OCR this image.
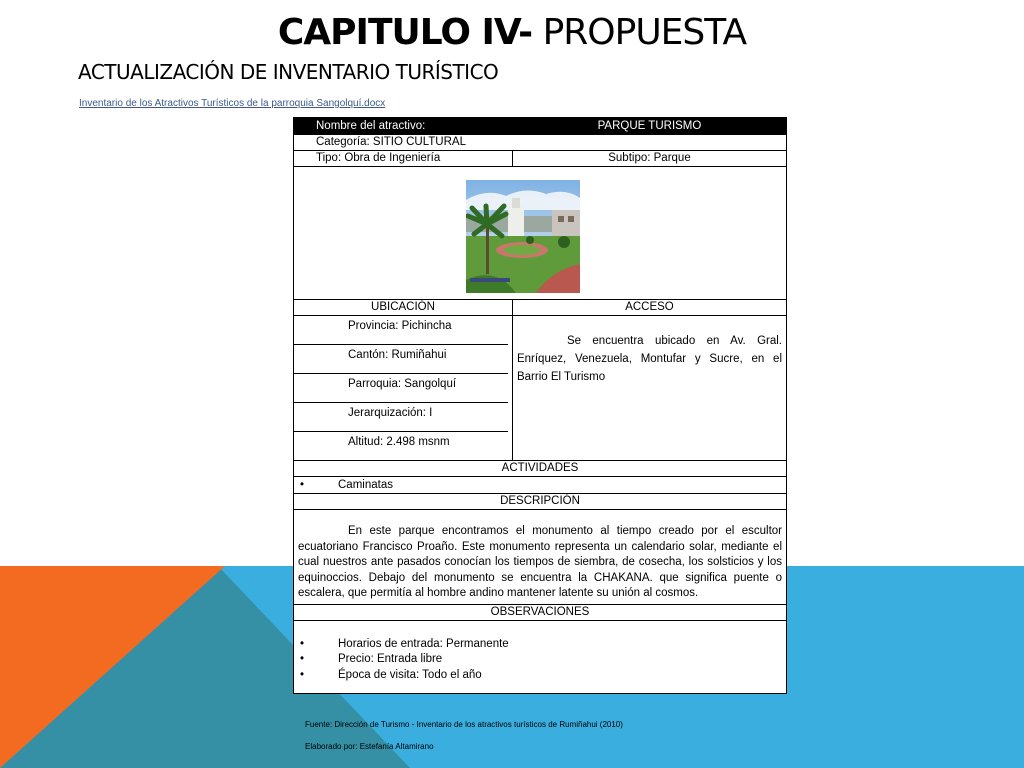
CAPITULO IV- PROPUESTA
ACTUALIZACIÓN DE INVENTARIO TURÍSTICO
Inventario de los Atractivos Turísticos de la parroquia Sangolquí.docx
Nombre del atractivo:	PARQUE TURISMO
Categoría: SITIO CULTURAL	
Tipo: Obra de Ingeniería	Subtipo: Parque

UBICACIÓN	ACCESO

Provincia: Pichincha
Cantón: Rumiñahui
Parroquia: Sangolquí
Jerarquización: I
Altitud: 2.498 msnm	Se encuentra ubicado en Av. Gral. Enríquez, Venezuela, Montufar y Sucre, en el Barrio El Turismo
ACTIVIDADES	
• Caminatas	
DESCRIPCIÓN	
En este parque encontramos el monumento al tiempo creado por el escultor ecuatoriano Francisco Proaño. Este monumento representa un calendario solar, mediante el cual nuestros ante pasados conocían los tiempos de siembra, de cosecha, los solsticios y los equinoccios. Debajo del monumento se encuentra la CHAKANA. que significa puente o escalera, que permitía al hombre andino mantener latente su unión al cosmos.	
OBSERVACIONES	

• Horarios de entrada: Permanente
• Precio: Entrada libre
• Época de visita: Todo el año	
Fuente: Dirección de Turismo - Inventario de los atractivos turísticos de Rumiñahui (2010)
Elaborado por: Estefanía Altamirano
